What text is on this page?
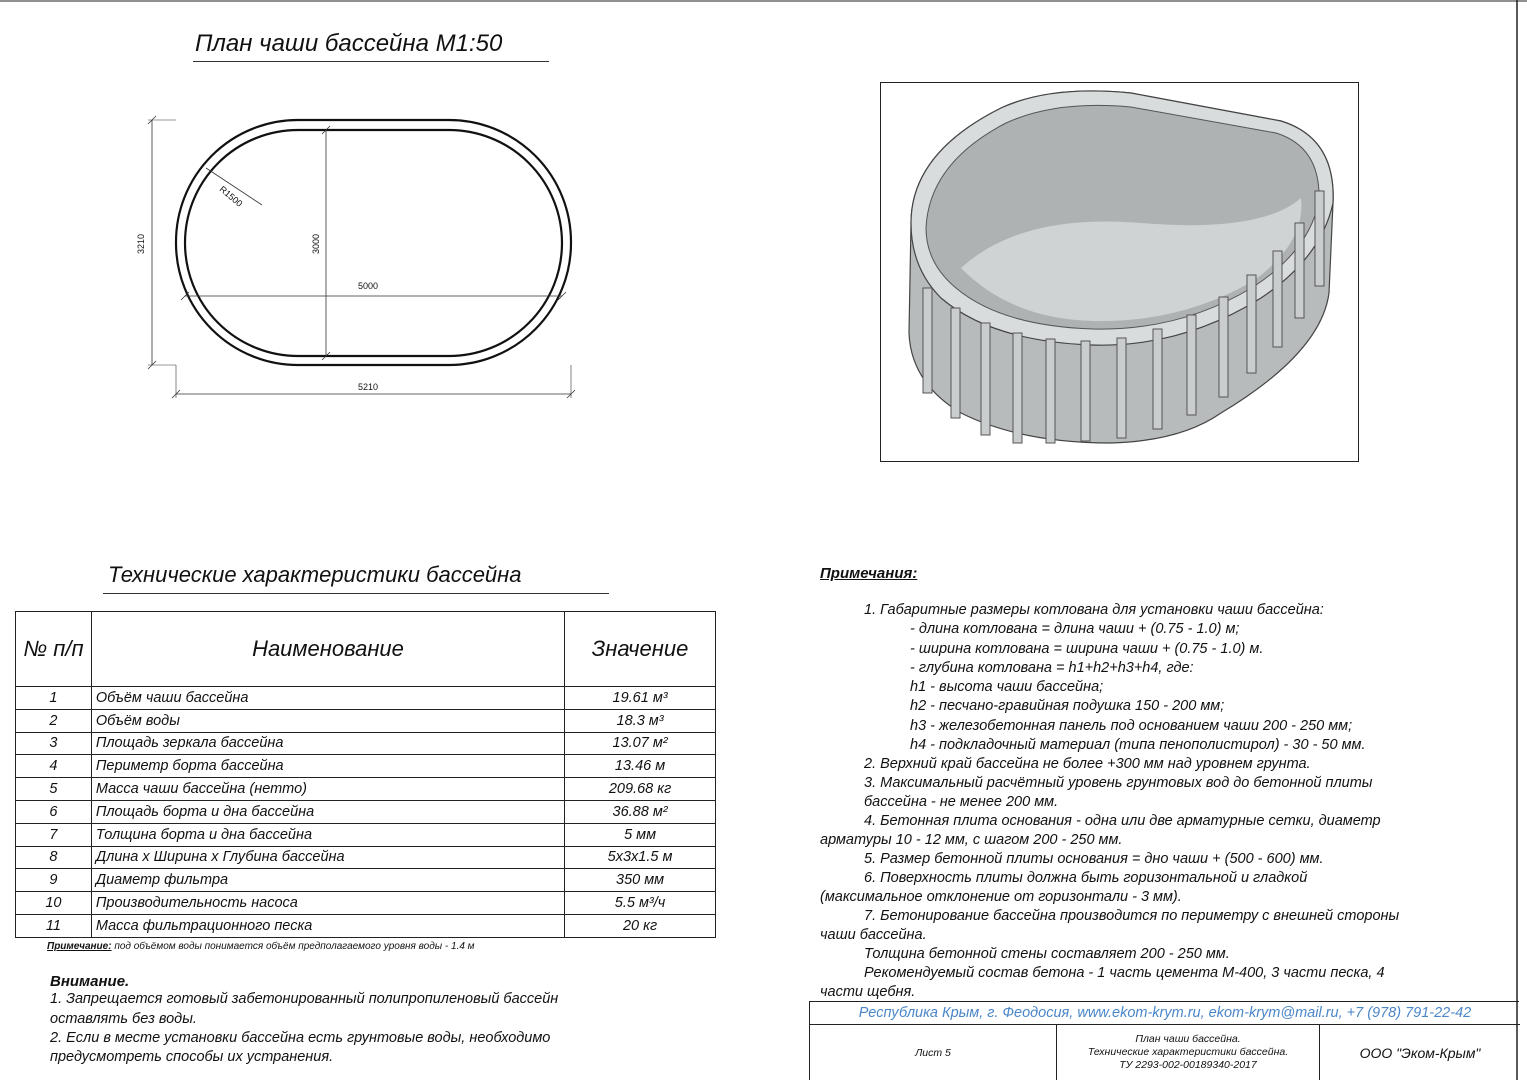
План чаши бассейна М1:50
R1500
3210	3000
5000
5210
Технические характеристики бассейна
№ п/п	Наименование	Значение
1	Объём чаши бассейна	19.61 м³
2	Объём воды	18.3 м³
3	Площадь зеркала бассейна	13.07 м²
4	Периметр борта бассейна	13.46 м
5	Масса чаши бассейна (нетто)	209.68 кг
6	Площадь борта и дна бассейна	36.88 м²
7	Толщина борта и дна бассейна	5 мм
8	Длина х Ширина х Глубина бассейна	5х3х1.5 м
9	Диаметр фильтра	350 мм
10	Производительность насоса	5.5 м³/ч
11	Масса фильтрационного песка	20 кг
Примечание: под объёмом воды понимается объём предполагаемого уровня воды - 1.4 м
Внимание.
1. Запрещается готовый забетонированный полипропиленовый бассейн
оставлять без воды.
2. Если в месте установки бассейна есть грунтовые воды, необходимо
предусмотреть способы их устранения.
Примечания:
1. Габаритные размеры котлована для установки чаши бассейна:
- длина котлована = длина чаши + (0.75 - 1.0) м;
- ширина котлована = ширина чаши + (0.75 - 1.0) м.
- глубина котлована = h1+h2+h3+h4, где:
h1 - высота чаши бассейна;
h2 - песчано-гравийная подушка 150 - 200 мм;
h3 - железобетонная панель под основанием чаши 200 - 250 мм;
h4 - подкладочный материал (типа пенополистирол) - 30 - 50 мм.
2. Верхний край бассейна не более +300 мм над уровнем грунта.
3. Максимальный расчётный уровень грунтовых вод до бетонной плиты
бассейна - не менее 200 мм.
4. Бетонная плита основания - одна или две арматурные сетки, диаметр
арматуры 10 - 12 мм, с шагом 200 - 250 мм.
5. Размер бетонной плиты основания = дно чаши + (500 - 600) мм.
6. Поверхность плиты должна быть горизонтальной и гладкой
(максимальное отклонение от горизонтали - 3 мм).
7. Бетонирование бассейна производится по периметру с внешней стороны
чаши бассейна.
Толщина бетонной стены составляет 200 - 250 мм.
Рекомендуемый состав бетона - 1 часть цемента М-400, 3 части песка, 4
части щебня.
Республика Крым, г. Феодосия, www.ekom-krym.ru, ekom-krym@mail.ru, +7 (978) 791-22-42
Лист 5
План чаши бассейна.
Технические характеристики бассейна.
ТУ 2293-002-00189340-2017
ООО "Эком-Крым"
